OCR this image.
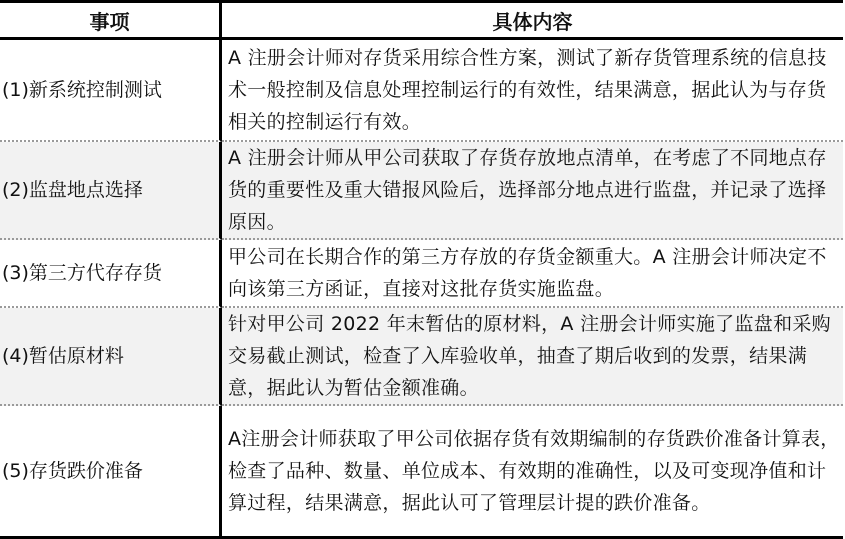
事项	具体内容
(1)新系统控制测试	A 注册会计师对存货采用综合性方案，测试了新存货管理系统的信息技术一般控制及信息处理控制运行的有效性，结果满意，据此认为与存货相关的控制运行有效。
(2)监盘地点选择	A 注册会计师从甲公司获取了存货存放地点清单，在考虑了不同地点存货的重要性及重大错报风险后，选择部分地点进行监盘，并记录了选择原因。
(3)第三方代存存货	甲公司在长期合作的第三方存放的存货金额重大。A 注册会计师决定不向该第三方函证，直接对这批存货实施监盘。
(4)暂估原材料	针对甲公司 2022 年末暂估的原材料，A 注册会计师实施了监盘和采购交易截止测试，检查了入库验收单，抽查了期后收到的发票，结果满意，据此认为暂估金额准确。
(5)存货跌价准备	A注册会计师获取了甲公司依据存货有效期编制的存货跌价准备计算表，检查了品种、数量、单位成本、有效期的准确性，以及可变现净值和计算过程，结果满意，据此认可了管理层计提的跌价准备。
